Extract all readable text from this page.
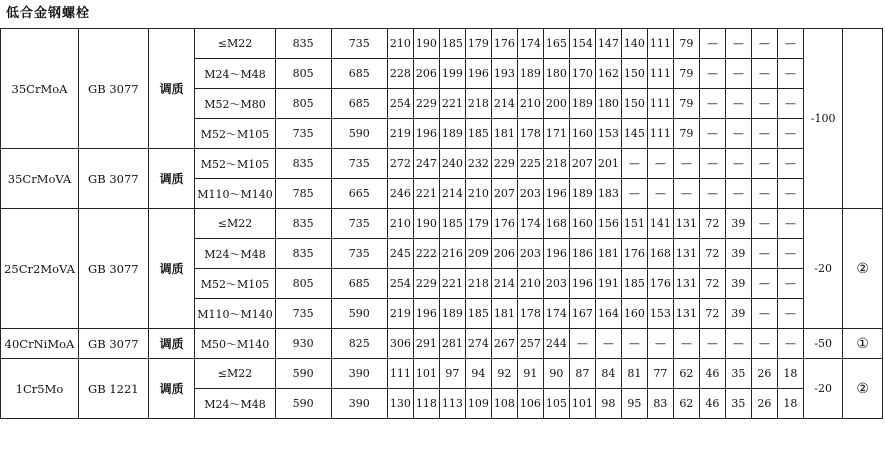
低合金钢螺栓
35CrMoA	GB 3077	调质	≤M22	835	735	210	190	185	179	176	174	165	154	147	140	111	79	—	—	—	—	-100	
			M24～M48	805	685	228	206	199	196	193	189	180	170	162	150	111	79	—	—	—	—		
			M52～M80	805	685	254	229	221	218	214	210	200	189	180	150	111	79	—	—	—	—		
			M52～M105	735	590	219	196	189	185	181	178	171	160	153	145	111	79	—	—	—	—		
35CrMoVA	GB 3077	调质	M52～M105	835	735	272	247	240	232	229	225	218	207	201	—	—	—	—	—	—	—		
			M110～M140	785	665	246	221	214	210	207	203	196	189	183	—	—	—	—	—	—	—		
25Cr2MoVA	GB 3077	调质	≤M22	835	735	210	190	185	179	176	174	168	160	156	151	141	131	72	39	—	—	-20	②
			M24～M48	835	735	245	222	216	209	206	203	196	186	181	176	168	131	72	39	—	—		
			M52～M105	805	685	254	229	221	218	214	210	203	196	191	185	176	131	72	39	—	—		
			M110～M140	735	590	219	196	189	185	181	178	174	167	164	160	153	131	72	39	—	—		
40CrNiMoA	GB 3077	调质	M50～M140	930	825	306	291	281	274	267	257	244	—	—	—	—	—	—	—	—	—	-50	①
1Cr5Mo	GB 1221	调质	≤M22	590	390	111	101	97	94	92	91	90	87	84	81	77	62	46	35	26	18	-20	②
			M24～M48	590	390	130	118	113	109	108	106	105	101	98	95	83	62	46	35	26	18		
